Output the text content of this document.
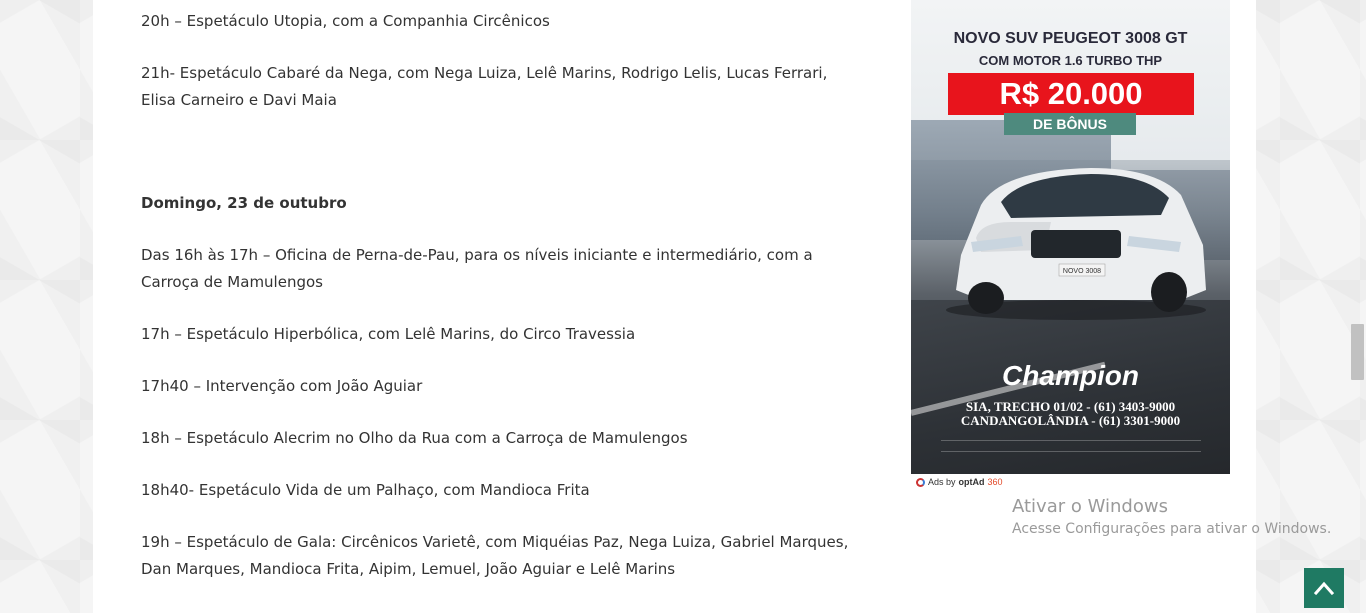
20h – Espetáculo Utopia, com a Companhia Circênicos

21h- Espetáculo Cabaré da Nega, com Nega Luiza, Lelê Marins, Rodrigo Lelis, Lucas Ferrari, Elisa Carneiro e Davi Maia

Domingo, 23 de outubro

Das 16h às 17h – Oficina de Perna-de-Pau, para os níveis iniciante e intermediário, com a Carroça de Mamulengos

17h – Espetáculo Hiperbólica, com Lelê Marins, do Circo Travessia

17h40 – Intervenção com João Aguiar

18h – Espetáculo Alecrim no Olho da Rua com a Carroça de Mamulengos

18h40- Espetáculo Vida de um Palhaço, com Mandioca Frita

19h – Espetáculo de Gala: Circênicos Varietê, com Miquéias Paz, Nega Luiza, Gabriel Marques, Dan Marques, Mandioca Frita, Aipim, Lemuel, João Aguiar e Lelê Marins

NOVO 3008
NOVO SUV PEUGEOT 3008 GT
COM MOTOR 1.6 TURBO THP
R$ 20.000
DE BÔNUS
Champion
SIA, TRECHO 01/02 - (61) 3403-9000
CANDANGOLÂNDIA - (61) 3301-9000
Ads by optAd 360
Ativar o Windows
Acesse Configurações para ativar o Windows.
